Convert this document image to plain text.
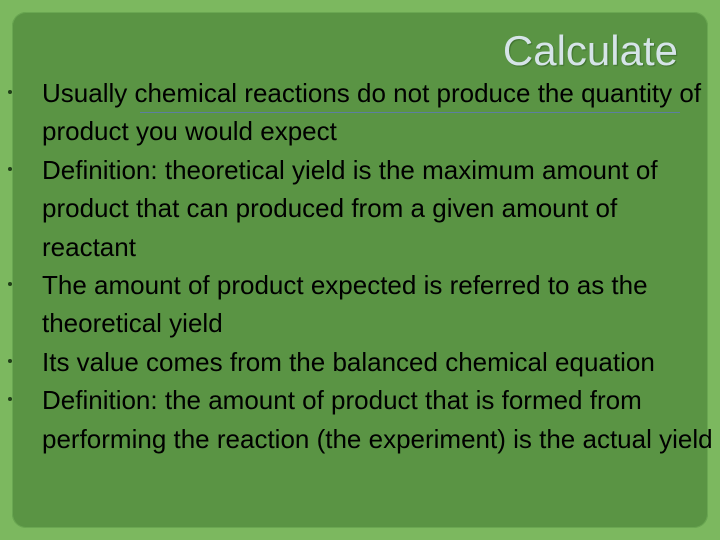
Calculate
Usually chemical reactions do not produce the quantity of product you would expect
Definition: theoretical yield is the maximum amount of product that can produced from a given amount of reactant
The amount of product expected is referred to as the theoretical yield
Its value comes from the balanced chemical equation
Definition: the amount of product that is formed from performing the reaction (the experiment) is the actual yield
